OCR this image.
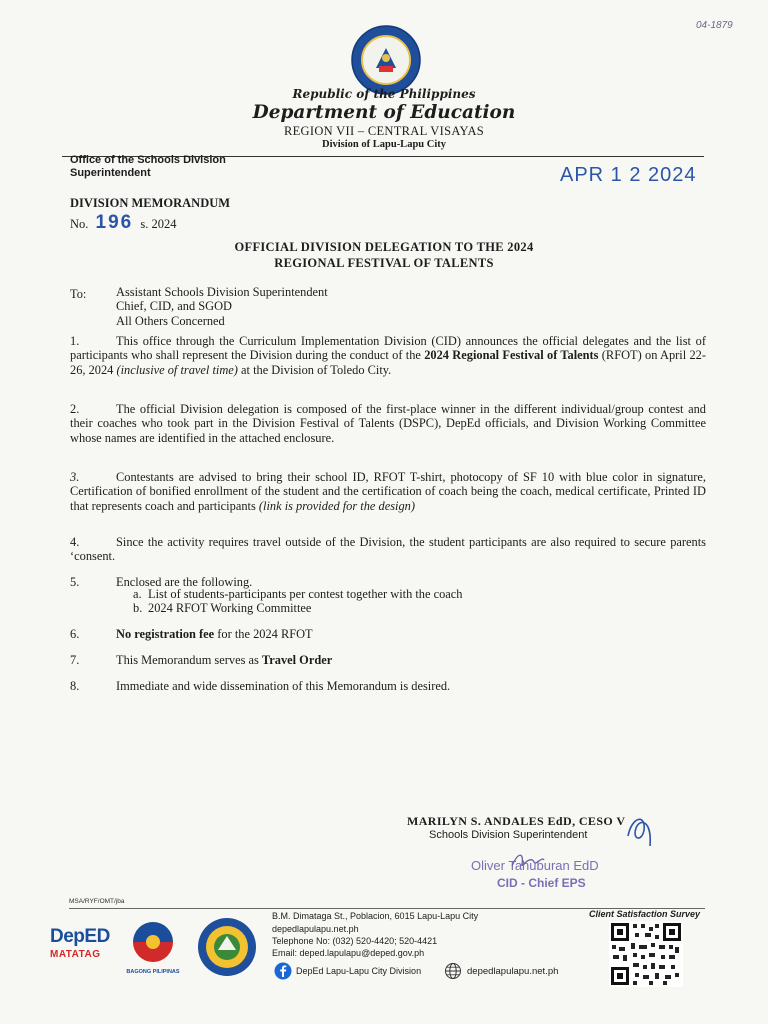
04-1879
Republic of the Philippines
Department of Education
REGION VII – CENTRAL VISAYAS
Division of Lapu-Lapu City
Office of the Schools Division
Superintendent	APR 1 2 2024
DIVISION MEMORANDUM
No. 196 s. 2024
OFFICIAL DIVISION DELEGATION TO THE 2024
REGIONAL FESTIVAL OF TALENTS
To: Assistant Schools Division Superintendent

Chief, CID, and SGOD

All Others Concerned

1.	This office through the Curriculum Implementation Division (CID) announces the official delegates and the list of participants who shall represent the Division during the conduct of the 2024 Regional Festival of Talents (RFOT) on April 22-26, 2024 (inclusive of travel time) at the Division of Toledo City.
2.	The official Division delegation is composed of the first-place winner in the different individual/group contest and their coaches who took part in the Division Festival of Talents (DSPC), DepEd officials, and Division Working Committee whose names are identified in the attached enclosure.
3.	Contestants are advised to bring their school ID, RFOT T-shirt, photocopy of SF 10 with blue color in signature, Certification of bonified enrollment of the student and the certification of coach being the coach, medical certificate, Printed ID that represents coach and participants (link is provided for the design)
4.	Since the activity requires travel outside of the Division, the student participants are also required to secure parents ‘consent.
5.	Enclosed are the following.
a. List of students-participants per contest together with the coach
b. 2024 RFOT Working Committee
6.	No registration fee for the 2024 RFOT
7.	This Memorandum serves as Travel Order
8.	Immediate and wide dissemination of this Memorandum is desired.
MARILYN S. ANDALES EdD, CESO V
Schools Division Superintendent
Oliver Tahuburan EdD
CID - Chief EPS
MSA/RYF/OMT/jba
DepED
MATATAG
BAGONG PILIPINAS
B.M. Dimataga St., Poblacion, 6015 Lapu-Lapu City
depedlapulapu.net.ph
Telephone No: (032) 520-4420; 520-4421
Email: deped.lapulapu@deped.gov.ph
DepEd Lapu-Lapu City Division	depedlapulapu.net.ph
Client Satisfaction Survey
